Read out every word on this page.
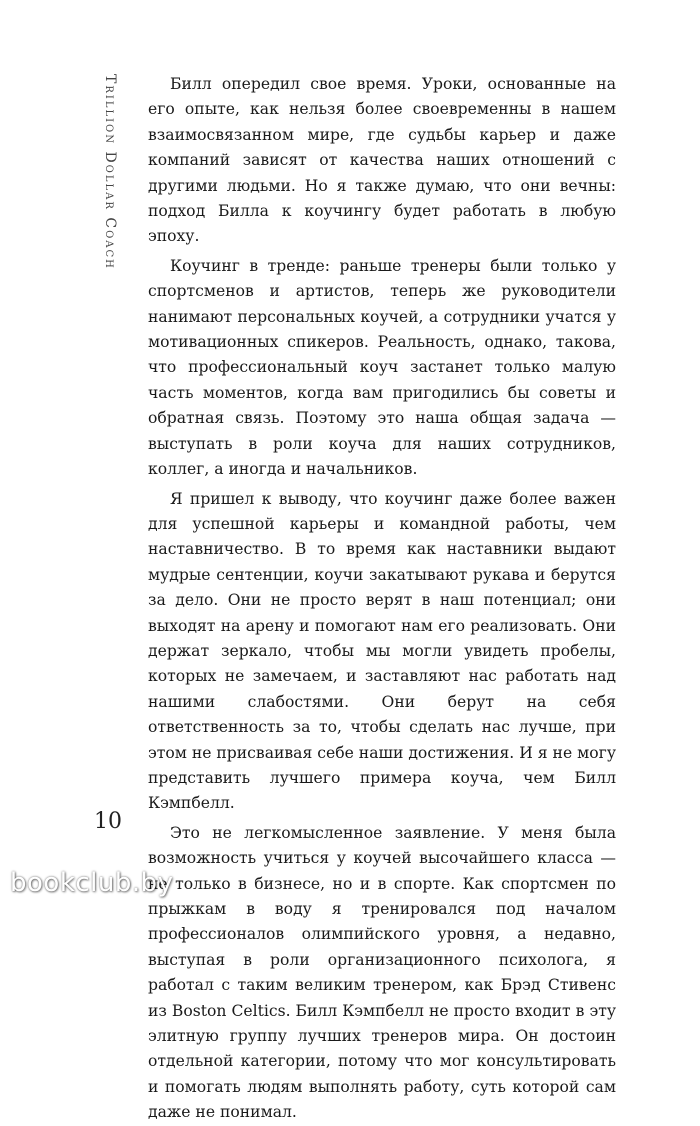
Trillion Dollar Coach	Билл опередил свое время. Уроки, основанные на его опыте, как нельзя более своевременны в нашем взаимосвязанном мире, где судьбы карьер и даже компаний зависят от качества наших отношений с другими людьми. Но я также думаю, что они вечны: подход Билла к коучингу будет работать в любую эпоху.

Коучинг в тренде: раньше тренеры были только у спортсменов и артистов, теперь же руководители нанимают персональных коучей, а сотрудники учатся у мотивационных спикеров. Реальность, однако, такова, что профессиональный коуч застанет только малую часть моментов, когда вам пригодились бы советы и обратная связь. Поэтому это наша общая задача — выступать в роли коуча для наших сотрудников, коллег, а иногда и начальников.

Я пришел к выводу, что коучинг даже более важен для успешной карьеры и командной работы, чем наставничество. В то время как наставники выдают мудрые сентенции, коучи закатывают рукава и берутся за дело. Они не просто верят в наш потенциал; они выходят на арену и помогают нам его реализовать. Они держат зеркало, чтобы мы могли увидеть пробелы, которых не замечаем, и заставляют нас работать над нашими слабостями. Они берут на себя ответственность за то, чтобы сделать нас лучше, при этом не присваивая себе наши достижения. И я не могу представить лучшего примера коуча, чем Билл Кэмпбелл.

Это не легкомысленное заявление. У меня была возможность учиться у коучей высочайшего класса — не только в бизнесе, но и в спорте. Как спортсмен по прыжкам в воду я тренировался под началом профессионалов олимпийского уровня, а недавно, выступая в роли организационного психолога, я работал с таким великим тренером, как Брэд Стивенс из Boston Celtics. Билл Кэмпбелл не просто входит в эту элитную группу лучших тренеров мира. Он достоин отдельной категории, потому что мог консультировать и помогать людям выполнять работу, суть которой сам даже не понимал.

10
bookclub.by
